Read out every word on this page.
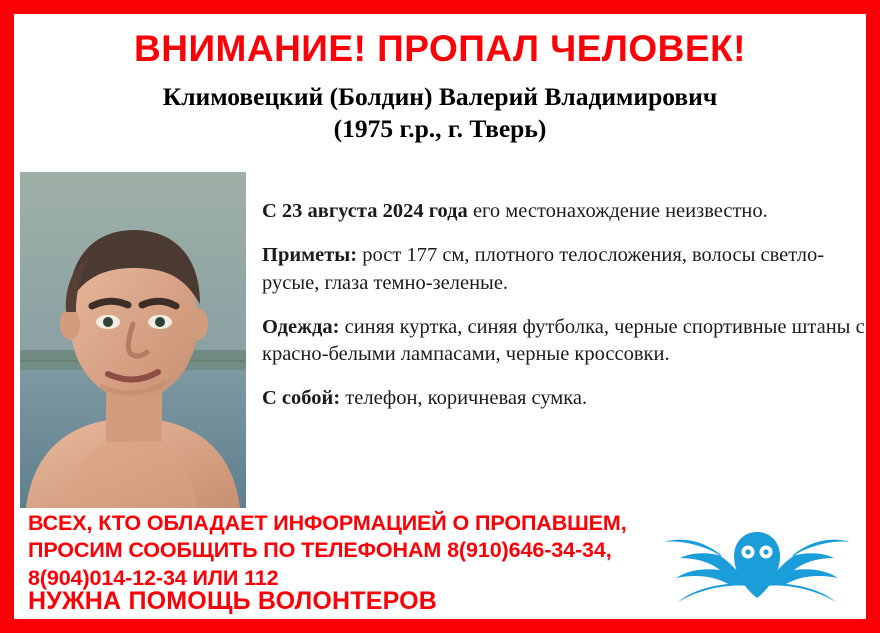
ВНИМАНИЕ! ПРОПАЛ ЧЕЛОВЕК!
Климовецкий (Болдин) Валерий Владимирович
(1975 г.р., г. Тверь)

С 23 августа 2024 года его местонахождение неизвестно.

Приметы: рост 177 см, плотного телосложения, волосы светло-русые, глаза темно-зеленые.

Одежда: синяя куртка, синяя футболка, черные спортивные штаны с красно-белыми лампасами, черные кроссовки.

С собой: телефон, коричневая сумка.

ВСЕХ, КТО ОБЛАДАЕТ ИНФОРМАЦИЕЙ О ПРОПАВШЕМ,
ПРОСИМ СООБЩИТЬ ПО ТЕЛЕФОНАМ 8(910)646-34-34,
8(904)014-12-34 ИЛИ 112
НУЖНА ПОМОЩЬ ВОЛОНТЕРОВ
https://vk.com/poisk_tver	ВПСО “Сова”, Тверь и Тверская обл.
